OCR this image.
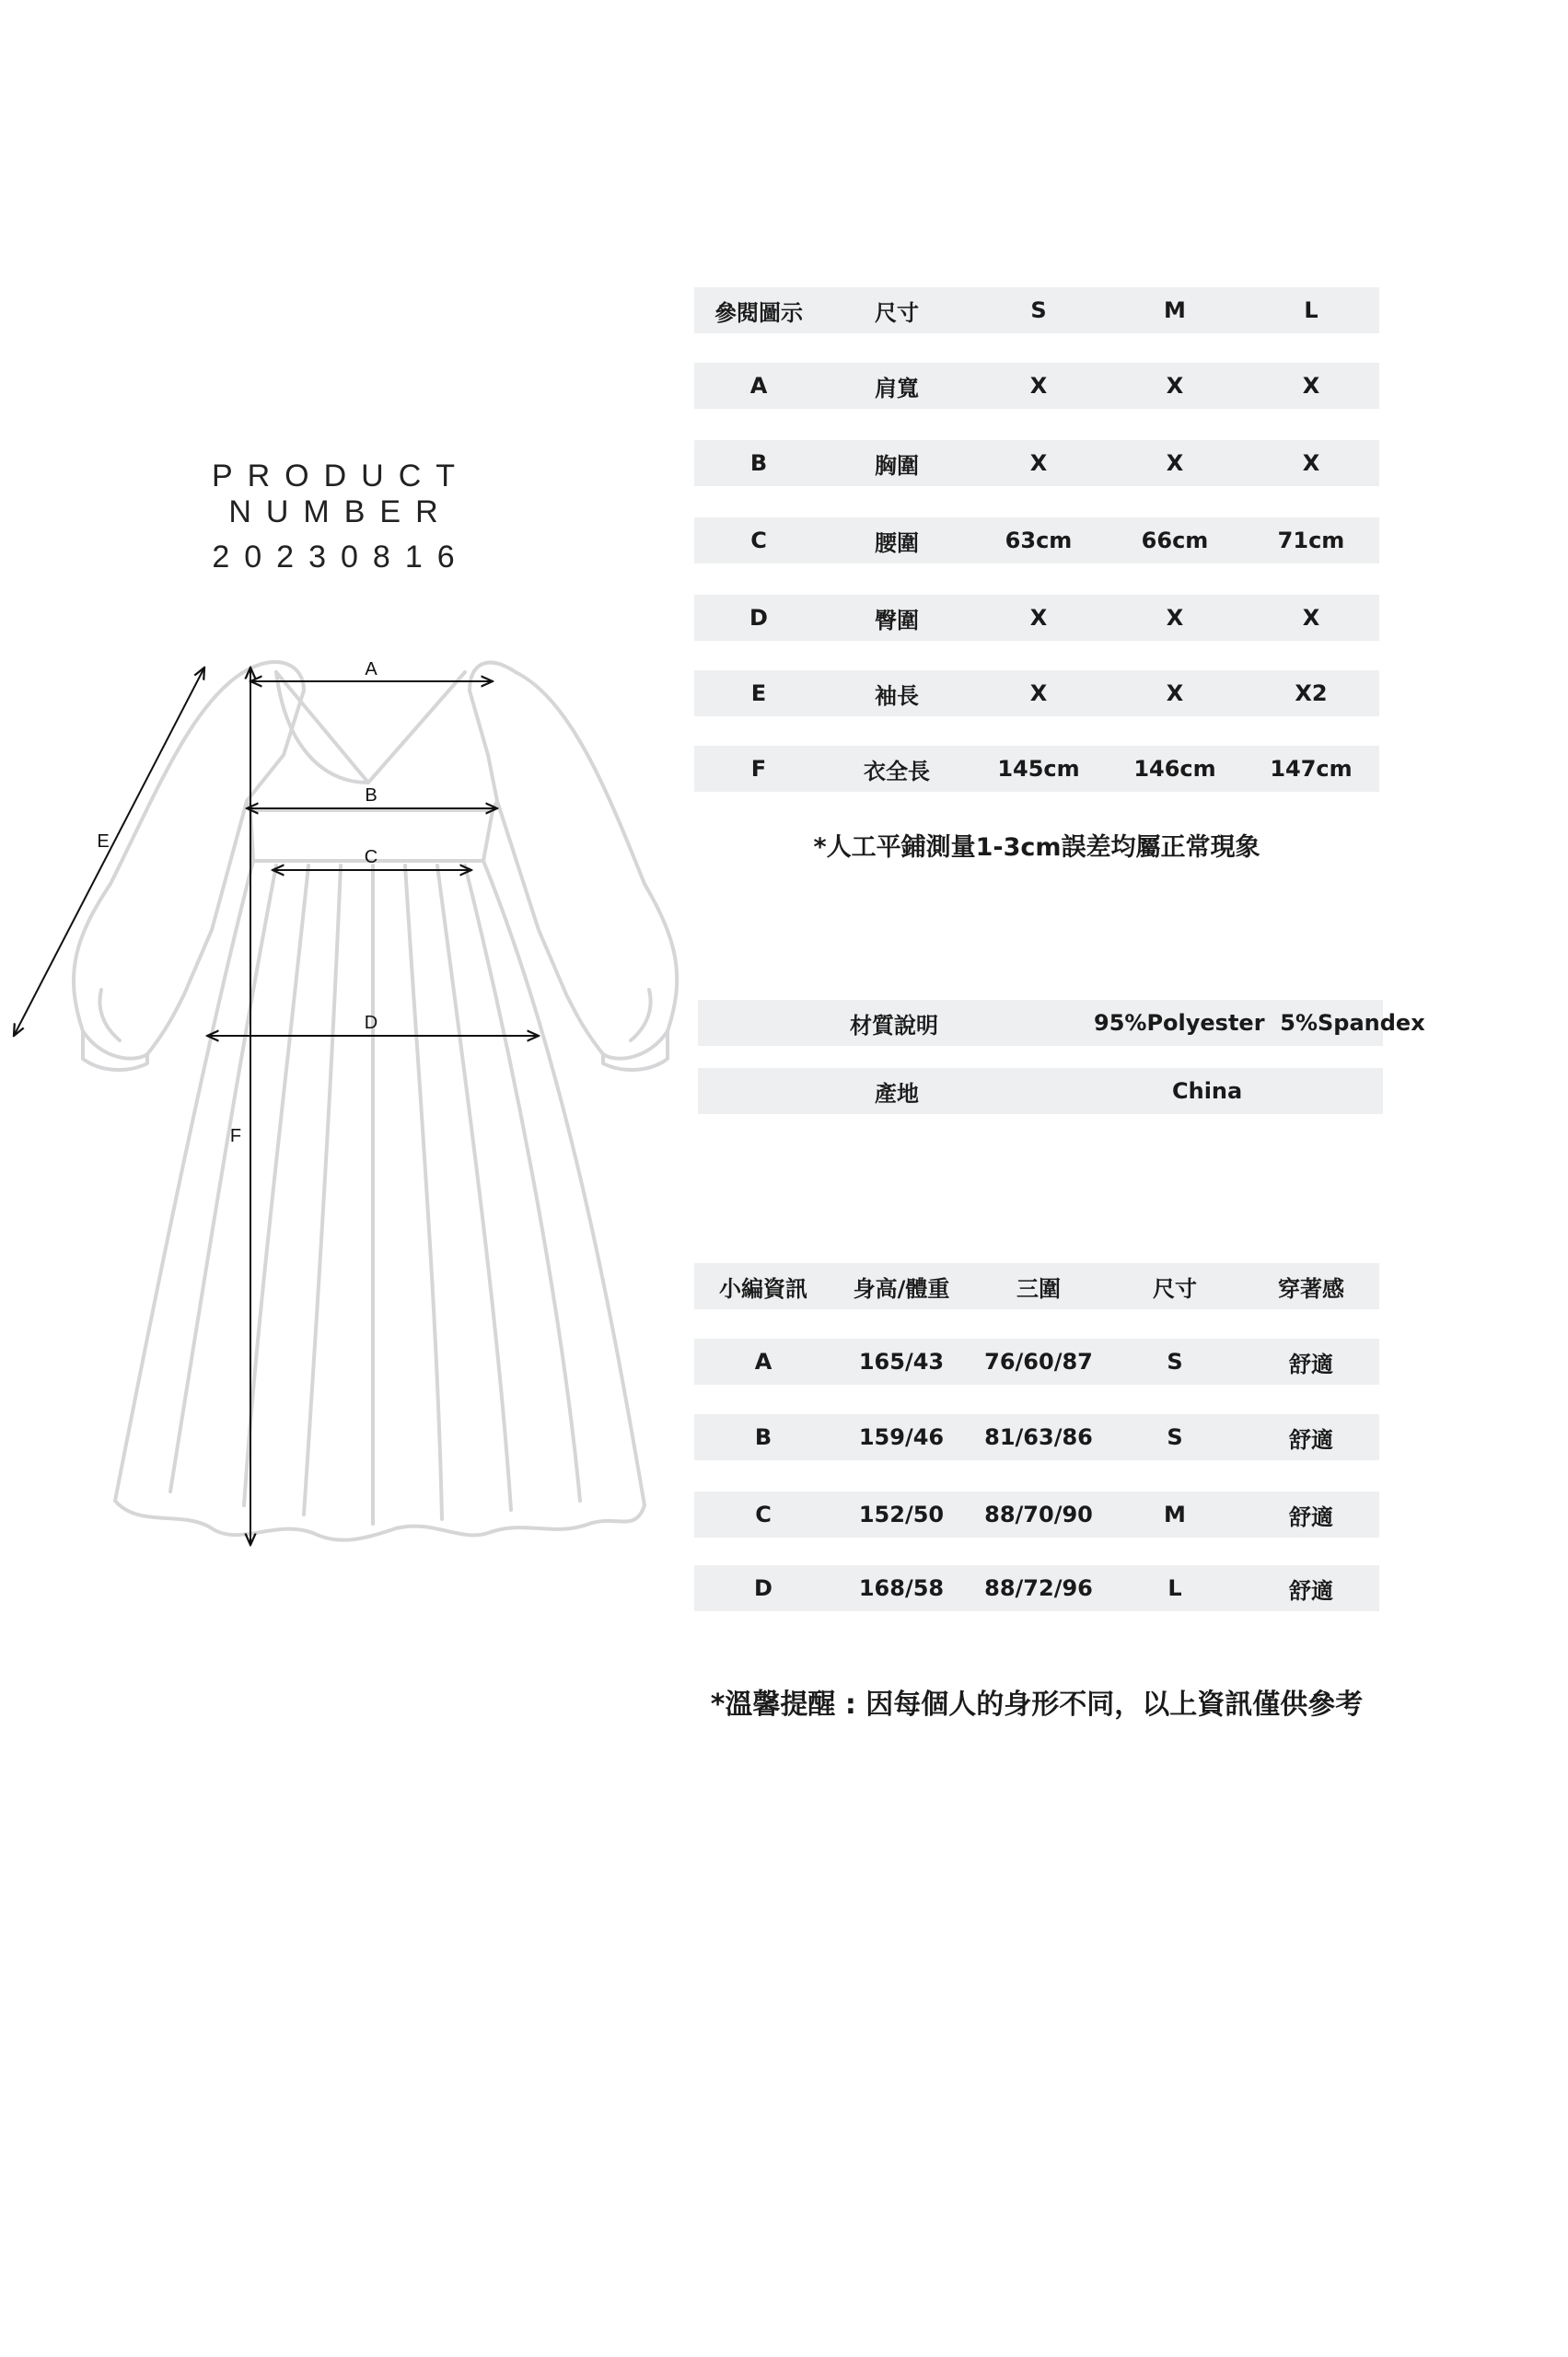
PRODUCT NUMBER
20230816
A
B
C
D
E
F
參閱圖示	尺寸	S	M	L
A	肩寬	X	X	X
B	胸圍	X	X	X
C	腰圍	63cm	66cm	71cm
D	臀圍	X	X	X
E	袖長	X	X	X2
F	衣全長	145cm	146cm	147cm
*人工平鋪測量1-3cm誤差均屬正常現象
材質說明	95%Polyester  5%Spandex
產地	China
小編資訊	身高/體重	三圍	尺寸	穿著感
A	165/43	76/60/87	S	舒適
B	159/46	81/63/86	S	舒適
C	152/50	88/70/90	M	舒適
D	168/58	88/72/96	L	舒適
*溫馨提醒 : 因每個人的身形不同，以上資訊僅供參考
